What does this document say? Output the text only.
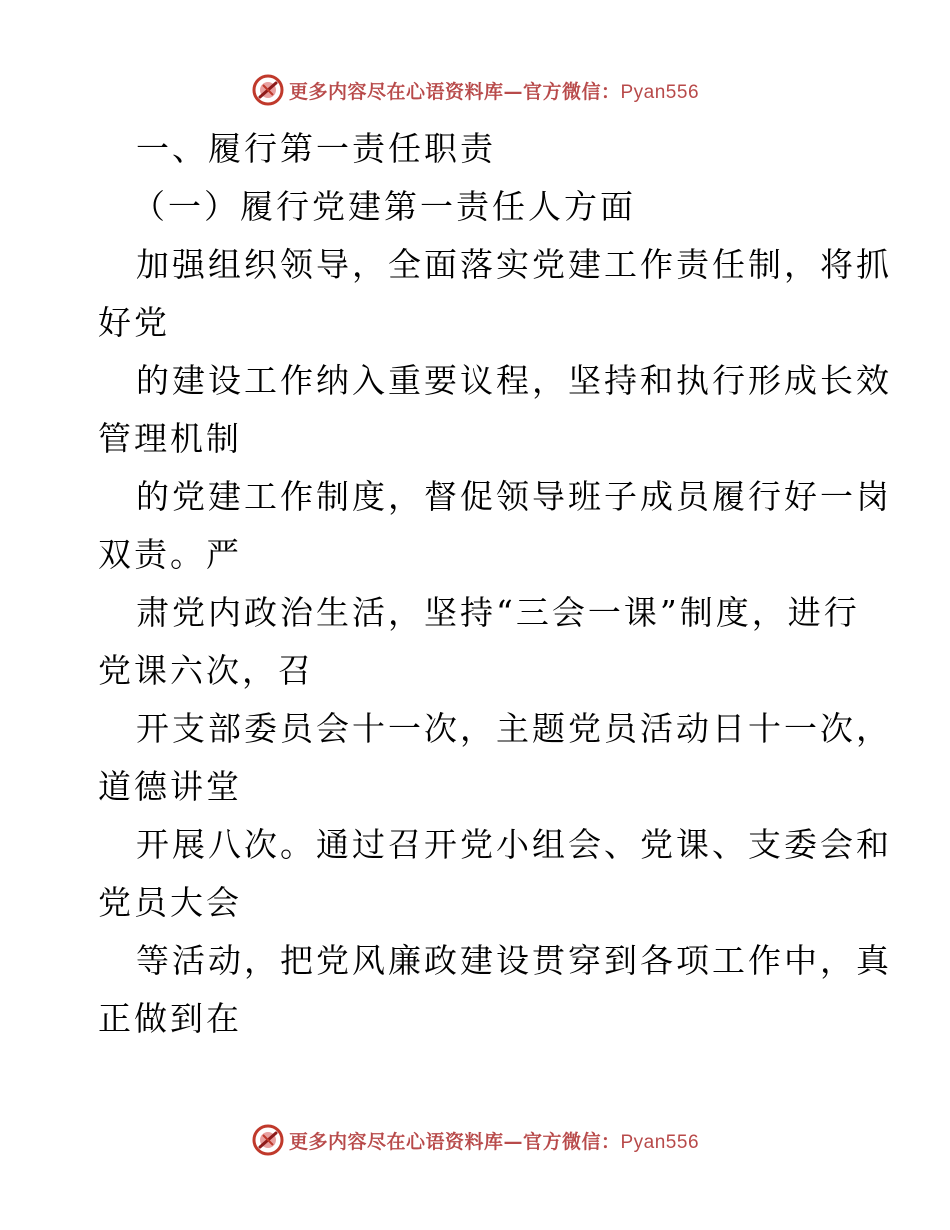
更多内容尽在心语资料库—官方微信：Pyan556
一、履行第一责任职责
（一）履行党建第一责任人方面
加强组织领导，全面落实党建工作责任制，将抓
好党
的建设工作纳入重要议程，坚持和执行形成长效
管理机制
的党建工作制度，督促领导班子成员履行好一岗
双责。严
肃党内政治生活，坚持“三会一课”制度，进行
党课六次，召
开支部委员会十一次，主题党员活动日十一次，
道德讲堂
开展八次。通过召开党小组会、党课、支委会和
党员大会
等活动，把党风廉政建设贯穿到各项工作中，真
正做到在
更多内容尽在心语资料库—官方微信：Pyan556
